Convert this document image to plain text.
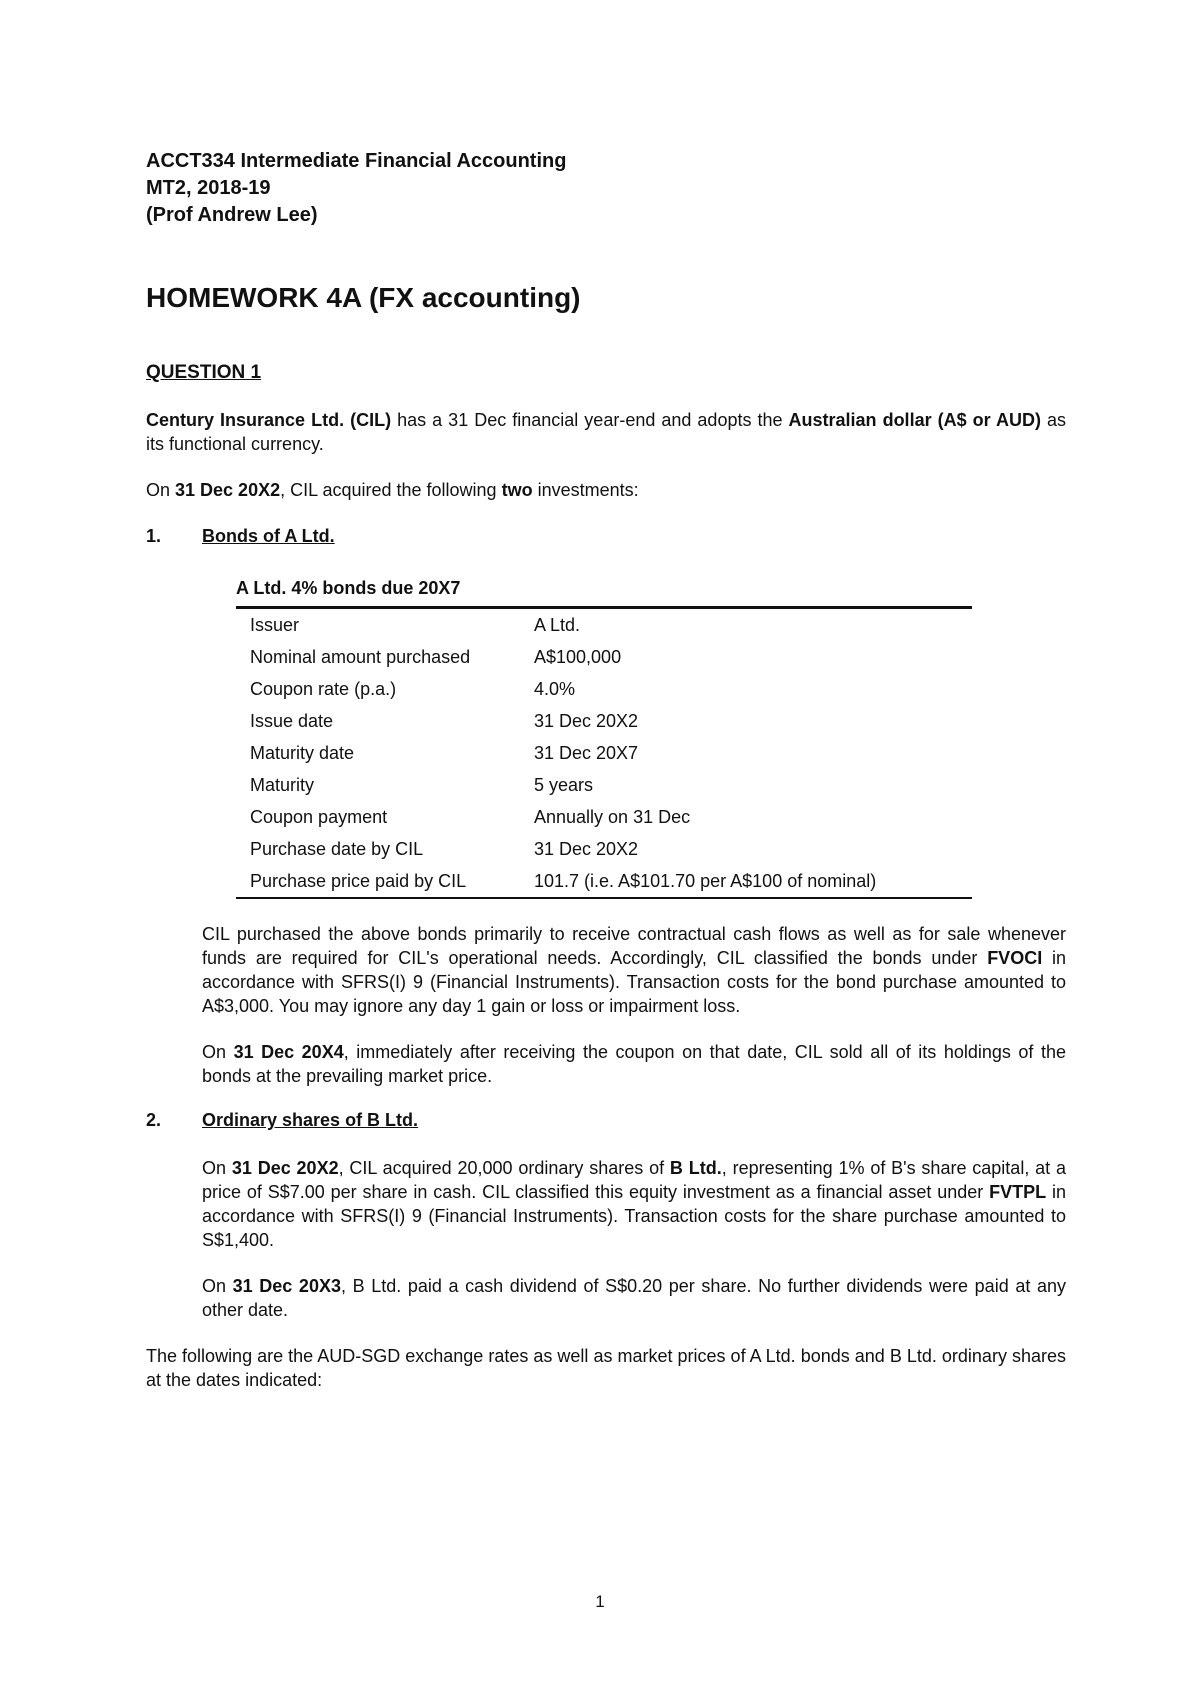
ACCT334 Intermediate Financial Accounting
MT2, 2018-19
(Prof Andrew Lee)
HOMEWORK 4A (FX accounting)
QUESTION 1
Century Insurance Ltd. (CIL) has a 31 Dec financial year-end and adopts the Australian dollar (A$ or AUD) as its functional currency.
On 31 Dec 20X2, CIL acquired the following two investments:
1. Bonds of A Ltd.
A Ltd. 4% bonds due 20X7
Issuer	A Ltd.
Nominal amount purchased	A$100,000
Coupon rate (p.a.)	4.0%
Issue date	31 Dec 20X2
Maturity date	31 Dec 20X7
Maturity	5 years
Coupon payment	Annually on 31 Dec
Purchase date by CIL	31 Dec 20X2
Purchase price paid by CIL	101.7 (i.e. A$101.70 per A$100 of nominal)
CIL purchased the above bonds primarily to receive contractual cash flows as well as for sale whenever funds are required for CIL's operational needs. Accordingly, CIL classified the bonds under FVOCI in accordance with SFRS(I) 9 (Financial Instruments). Transaction costs for the bond purchase amounted to A$3,000. You may ignore any day 1 gain or loss or impairment loss.
On 31 Dec 20X4, immediately after receiving the coupon on that date, CIL sold all of its holdings of the bonds at the prevailing market price.
2. Ordinary shares of B Ltd.
On 31 Dec 20X2, CIL acquired 20,000 ordinary shares of B Ltd., representing 1% of B's share capital, at a price of S$7.00 per share in cash. CIL classified this equity investment as a financial asset under FVTPL in accordance with SFRS(I) 9 (Financial Instruments). Transaction costs for the share purchase amounted to S$1,400.
On 31 Dec 20X3, B Ltd. paid a cash dividend of S$0.20 per share. No further dividends were paid at any other date.
The following are the AUD-SGD exchange rates as well as market prices of A Ltd. bonds and B Ltd. ordinary shares at the dates indicated:
1
